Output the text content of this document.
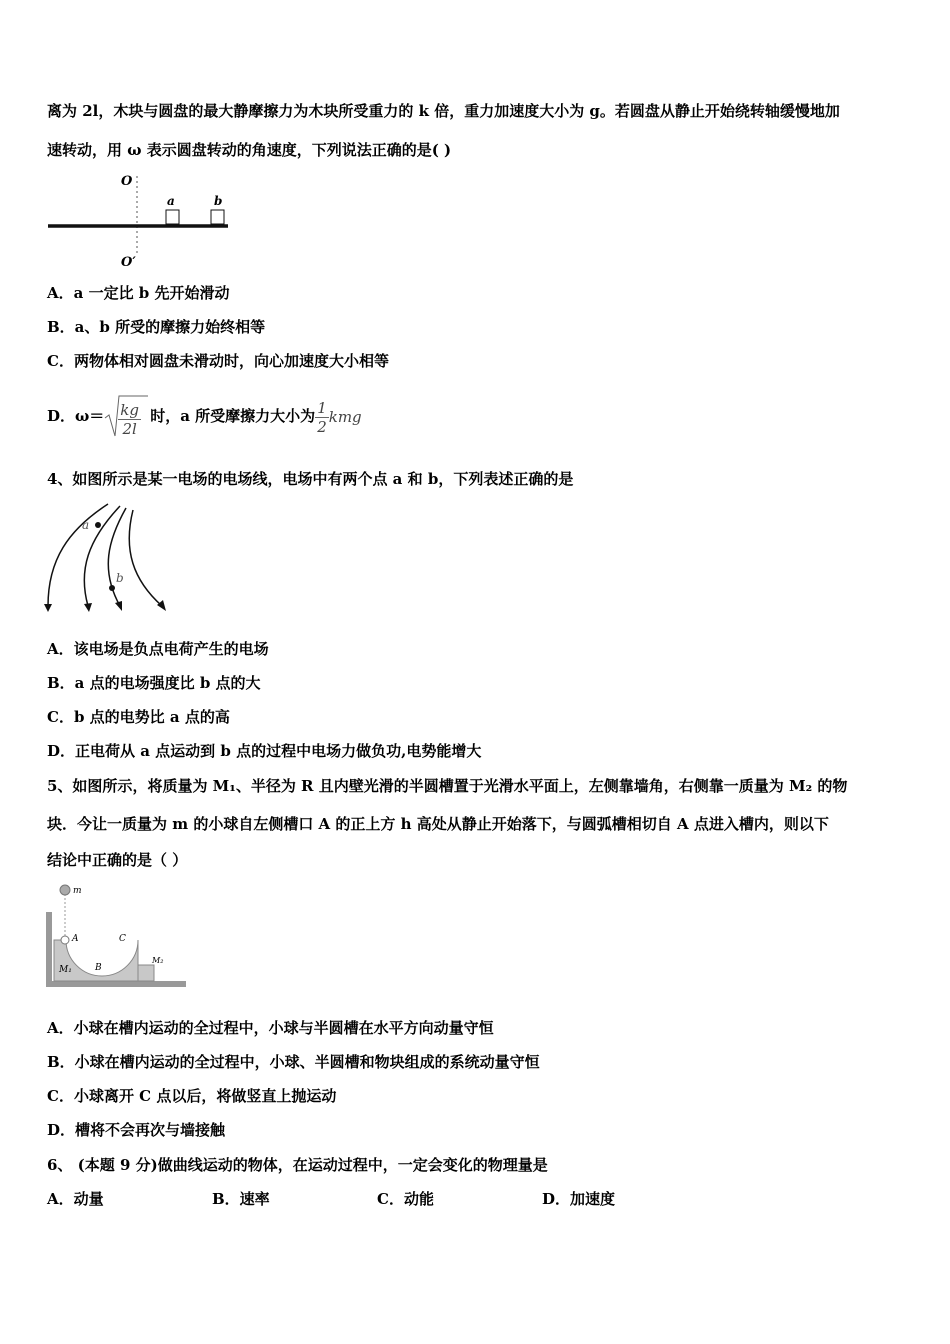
离为 2l，木块与圆盘的最大静摩擦力为木块所受重力的 k 倍，重力加速度大小为 g。若圆盘从静止开始绕转轴缓慢地加
速转动，用 ω 表示圆盘转动的角速度，下列说法正确的是( )
O
O′
a	b
A．a 一定比 b 先开始滑动
B．a、b 所受的摩擦力始终相等
C．两物体相对圆盘未滑动时，向心加速度大小相等
D．$\omega= \frac{kg}{2l}$ 时，a 所受摩擦力大小为 $\frac{1}{2}$ kmg
4、如图所示是某一电场的电场线，电场中有两个点 a 和 b，下列表述正确的是
a
b
A．该电场是负点电荷产生的电场
B．a 点的电场强度比 b 点的大
C．b 点的电势比 a 点的高
D．正电荷从 a 点运动到 b 点的过程中电场力做负功,电势能增大
5、如图所示，将质量为 M₁、半径为 R 且内壁光滑的半圆槽置于光滑水平面上，左侧靠墙角，右侧靠一质量为 M₂ 的物
块．今让一质量为 m 的小球自左侧槽口 A 的正上方 h 高处从静止开始落下，与圆弧槽相切自 A 点进入槽内，则以下
结论中正确的是（ ）
m
A
B
C
M₁
M₂
A．小球在槽内运动的全过程中，小球与半圆槽在水平方向动量守恒
B．小球在槽内运动的全过程中，小球、半圆槽和物块组成的系统动量守恒
C．小球离开 C 点以后，将做竖直上抛运动
D．槽将不会再次与墙接触
6、 (本题 9 分)做曲线运动的物体，在运动过程中，一定会变化的物理量是
A．动量	B．速率	C．动能	D．加速度
